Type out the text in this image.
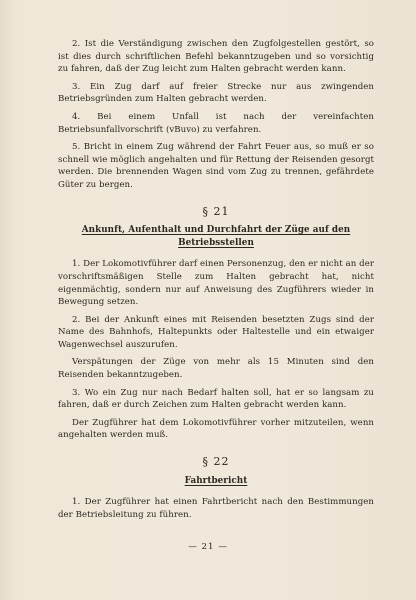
2. Ist die Verständigung zwischen den Zugfolgestellen gestört, so ist dies durch schriftlichen Befehl bekanntzugeben und so vorsichtig zu fahren, daß der Zug leicht zum Halten gebracht werden kann.

3. Ein Zug darf auf freier Strecke nur aus zwingenden Betriebsgründen zum Halten gebracht werden.

4. Bei einem Unfall ist nach der vereinfachten Betriebsunfallvorschrift (vBuvo) zu verfahren.

5. Bricht in einem Zug während der Fahrt Feuer aus, so muß er so schnell wie möglich angehalten und für Rettung der Reisenden gesorgt werden. Die brennenden Wagen sind vom Zug zu trennen, gefährdete Güter zu bergen.

§ 21
Ankunft, Aufenthalt und Durchfahrt der Züge auf den
Betriebsstellen

1. Der Lokomotivführer darf einen Personenzug, den er nicht an der vorschriftsmäßigen Stelle zum Halten gebracht hat, nicht eigenmächtig, sondern nur auf Anweisung des Zugführers wieder in Bewegung setzen.

2. Bei der Ankunft eines mit Reisenden besetzten Zugs sind der Name des Bahnhofs, Haltepunkts oder Haltestelle und ein etwaiger Wagenwechsel auszurufen.

Verspätungen der Züge von mehr als 15 Minuten sind den Reisenden bekanntzugeben.

3. Wo ein Zug nur nach Bedarf halten soll, hat er so langsam zu fahren, daß er durch Zeichen zum Halten gebracht werden kann.

Der Zugführer hat dem Lokomotivführer vorher mitzuteilen, wenn angehalten werden muß.

§ 22
Fahrtbericht

1. Der Zugführer hat einen Fahrtbericht nach den Bestimmungen der Betriebsleitung zu führen.

— 21 —
